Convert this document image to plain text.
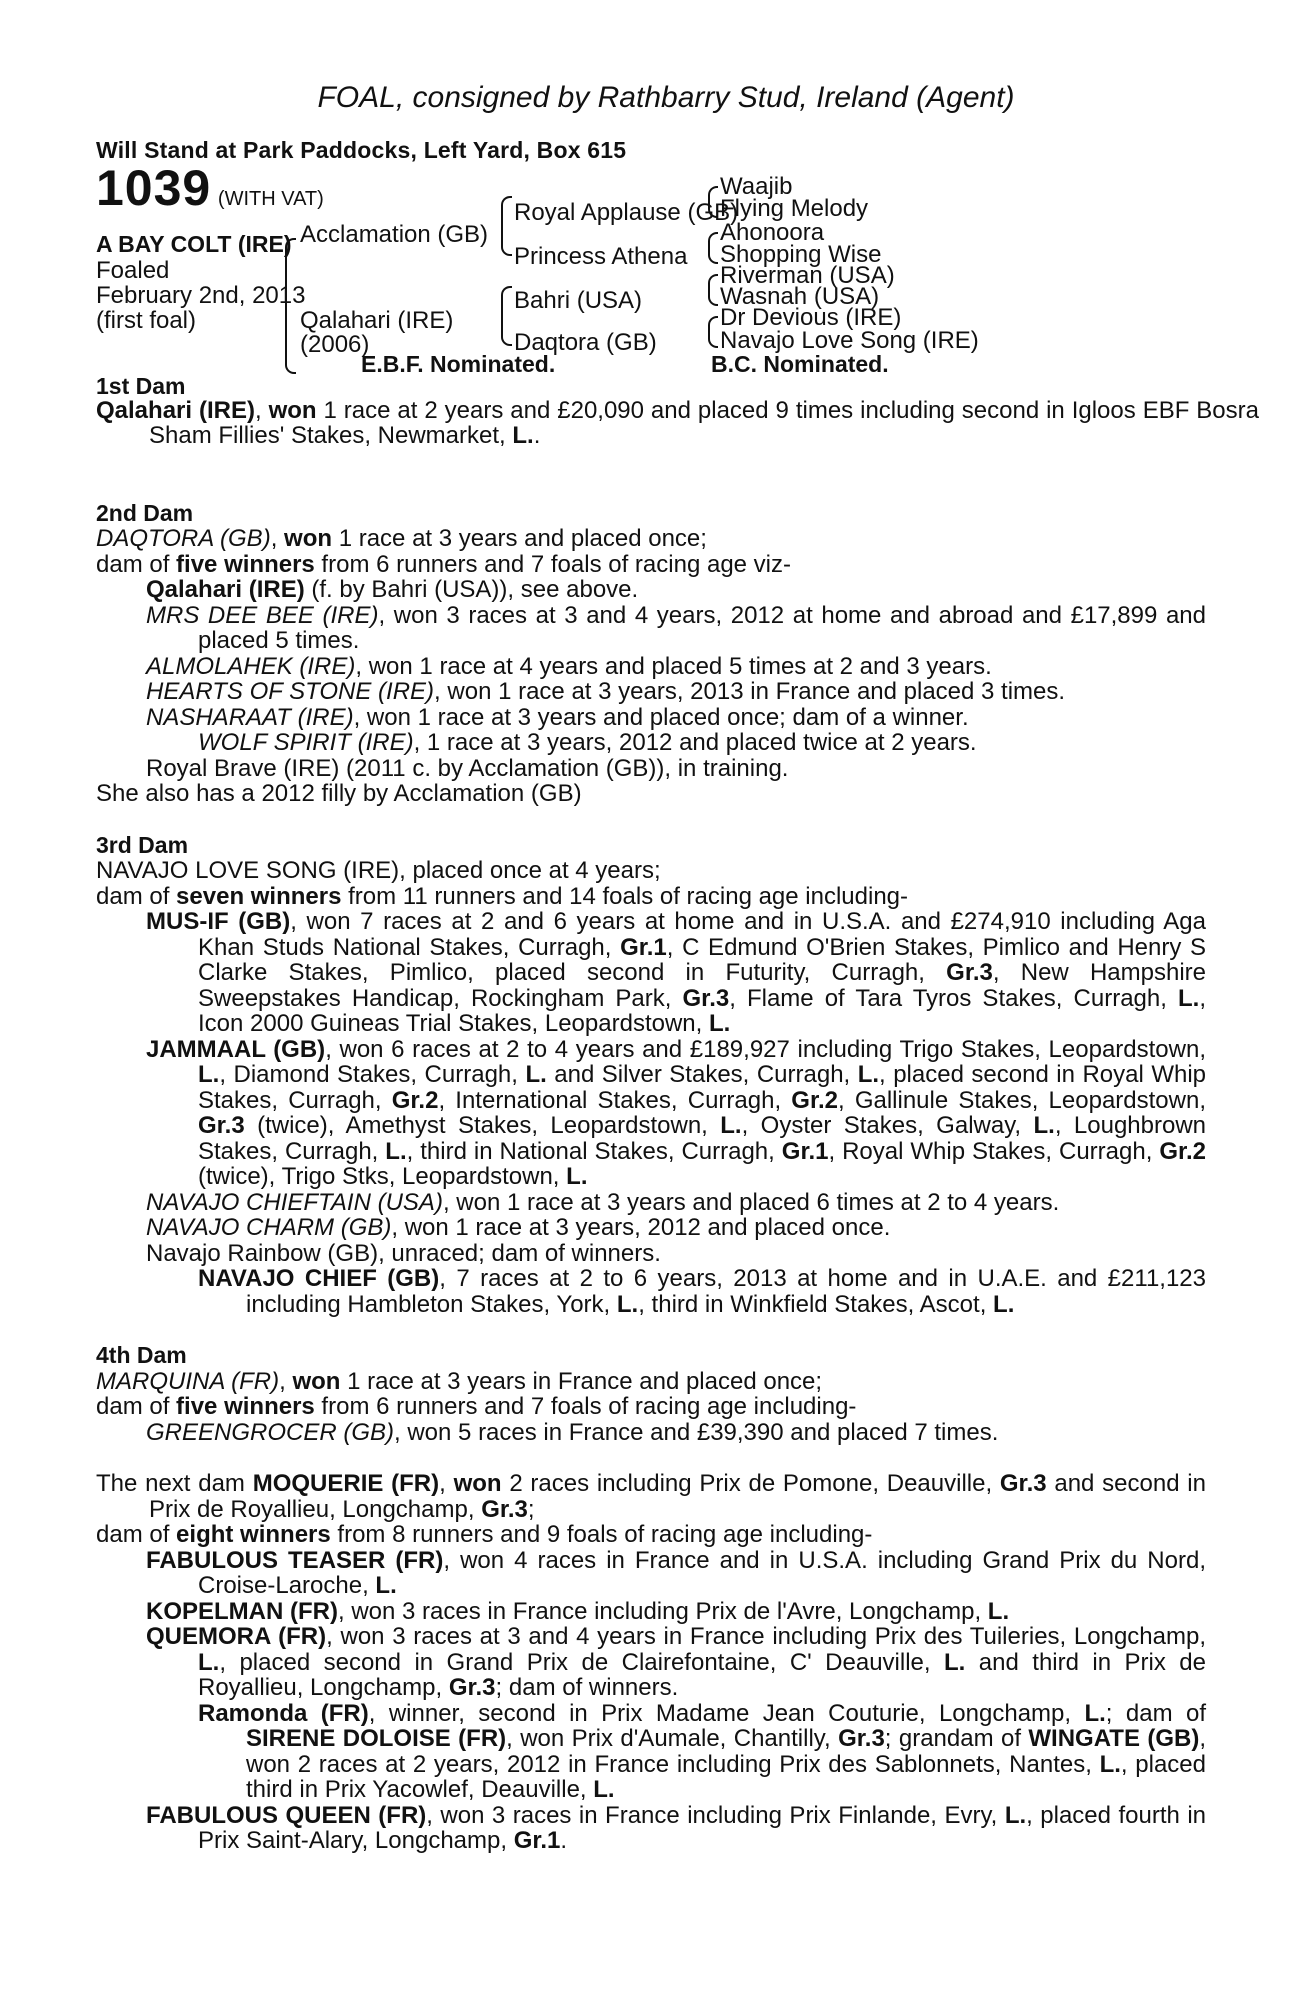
FOAL, consigned by Rathbarry Stud, Ireland (Agent)
Will Stand at Park Paddocks, Left Yard, Box 615
1039 (WITH VAT)
A BAY COLT (IRE)
Foaled
February 2nd, 2013
(first foal)
Acclamation (GB)
Qalahari (IRE)
(2006)
Royal Applause (GB)
Princess Athena
Bahri (USA)
Daqtora (GB)
Waajib
Flying Melody
Ahonoora
Shopping Wise
Riverman (USA)
Wasnah (USA)
Dr Devious (IRE)
Navajo Love Song (IRE)
E.B.F. Nominated.	B.C. Nominated.
1st Dam
Qalahari (IRE), won 1 race at 2 years and £20,090 and placed 9 times including second in Igloos EBF Bosra Sham Fillies' Stakes, Newmarket, L..

2nd Dam

DAQTORA (GB), won 1 race at 3 years and placed once;

dam of five winners from 6 runners and 7 foals of racing age viz-

Qalahari (IRE) (f. by Bahri (USA)), see above.

MRS DEE BEE (IRE), won 3 races at 3 and 4 years, 2012 at home and abroad and £17,899 and placed 5 times.

ALMOLAHEK (IRE), won 1 race at 4 years and placed 5 times at 2 and 3 years.

HEARTS OF STONE (IRE), won 1 race at 3 years, 2013 in France and placed 3 times.

NASHARAAT (IRE), won 1 race at 3 years and placed once; dam of a winner.

WOLF SPIRIT (IRE), 1 race at 3 years, 2012 and placed twice at 2 years.

Royal Brave (IRE) (2011 c. by Acclamation (GB)), in training.

She also has a 2012 filly by Acclamation (GB)

3rd Dam

NAVAJO LOVE SONG (IRE), placed once at 4 years;

dam of seven winners from 11 runners and 14 foals of racing age including-

MUS-IF (GB), won 7 races at 2 and 6 years at home and in U.S.A. and £274,910 including Aga Khan Studs National Stakes, Curragh, Gr.1, C Edmund O'Brien Stakes, Pimlico and Henry S Clarke Stakes, Pimlico, placed second in Futurity, Curragh, Gr.3, New Hampshire Sweepstakes Handicap, Rockingham Park, Gr.3, Flame of Tara Tyros Stakes, Curragh, L., Icon 2000 Guineas Trial Stakes, Leopardstown, L.

JAMMAAL (GB), won 6 races at 2 to 4 years and £189,927 including Trigo Stakes, Leopardstown, L., Diamond Stakes, Curragh, L. and Silver Stakes, Curragh, L., placed second in Royal Whip Stakes, Curragh, Gr.2, International Stakes, Curragh, Gr.2, Gallinule Stakes, Leopardstown, Gr.3 (twice), Amethyst Stakes, Leopardstown, L., Oyster Stakes, Galway, L., Loughbrown Stakes, Curragh, L., third in National Stakes, Curragh, Gr.1, Royal Whip Stakes, Curragh, Gr.2 (twice), Trigo Stks, Leopardstown, L.

NAVAJO CHIEFTAIN (USA), won 1 race at 3 years and placed 6 times at 2 to 4 years.

NAVAJO CHARM (GB), won 1 race at 3 years, 2012 and placed once.

Navajo Rainbow (GB), unraced; dam of winners.

NAVAJO CHIEF (GB), 7 races at 2 to 6 years, 2013 at home and in U.A.E. and £211,123 including Hambleton Stakes, York, L., third in Winkfield Stakes, Ascot, L.

4th Dam

MARQUINA (FR), won 1 race at 3 years in France and placed once;

dam of five winners from 6 runners and 7 foals of racing age including-

GREENGROCER (GB), won 5 races in France and £39,390 and placed 7 times.

The next dam MOQUERIE (FR), won 2 races including Prix de Pomone, Deauville, Gr.3 and second in Prix de Royallieu, Longchamp, Gr.3;

dam of eight winners from 8 runners and 9 foals of racing age including-

FABULOUS TEASER (FR), won 4 races in France and in U.S.A. including Grand Prix du Nord, Croise-Laroche, L.

KOPELMAN (FR), won 3 races in France including Prix de l'Avre, Longchamp, L.

QUEMORA (FR), won 3 races at 3 and 4 years in France including Prix des Tuileries, Longchamp, L., placed second in Grand Prix de Clairefontaine, C' Deauville, L. and third in Prix de Royallieu, Longchamp, Gr.3; dam of winners.

Ramonda (FR), winner, second in Prix Madame Jean Couturie, Longchamp, L.; dam of SIRENE DOLOISE (FR), won Prix d'Aumale, Chantilly, Gr.3; grandam of WINGATE (GB), won 2 races at 2 years, 2012 in France including Prix des Sablonnets, Nantes, L., placed third in Prix Yacowlef, Deauville, L.

FABULOUS QUEEN (FR), won 3 races in France including Prix Finlande, Evry, L., placed fourth in Prix Saint-Alary, Longchamp, Gr.1.
